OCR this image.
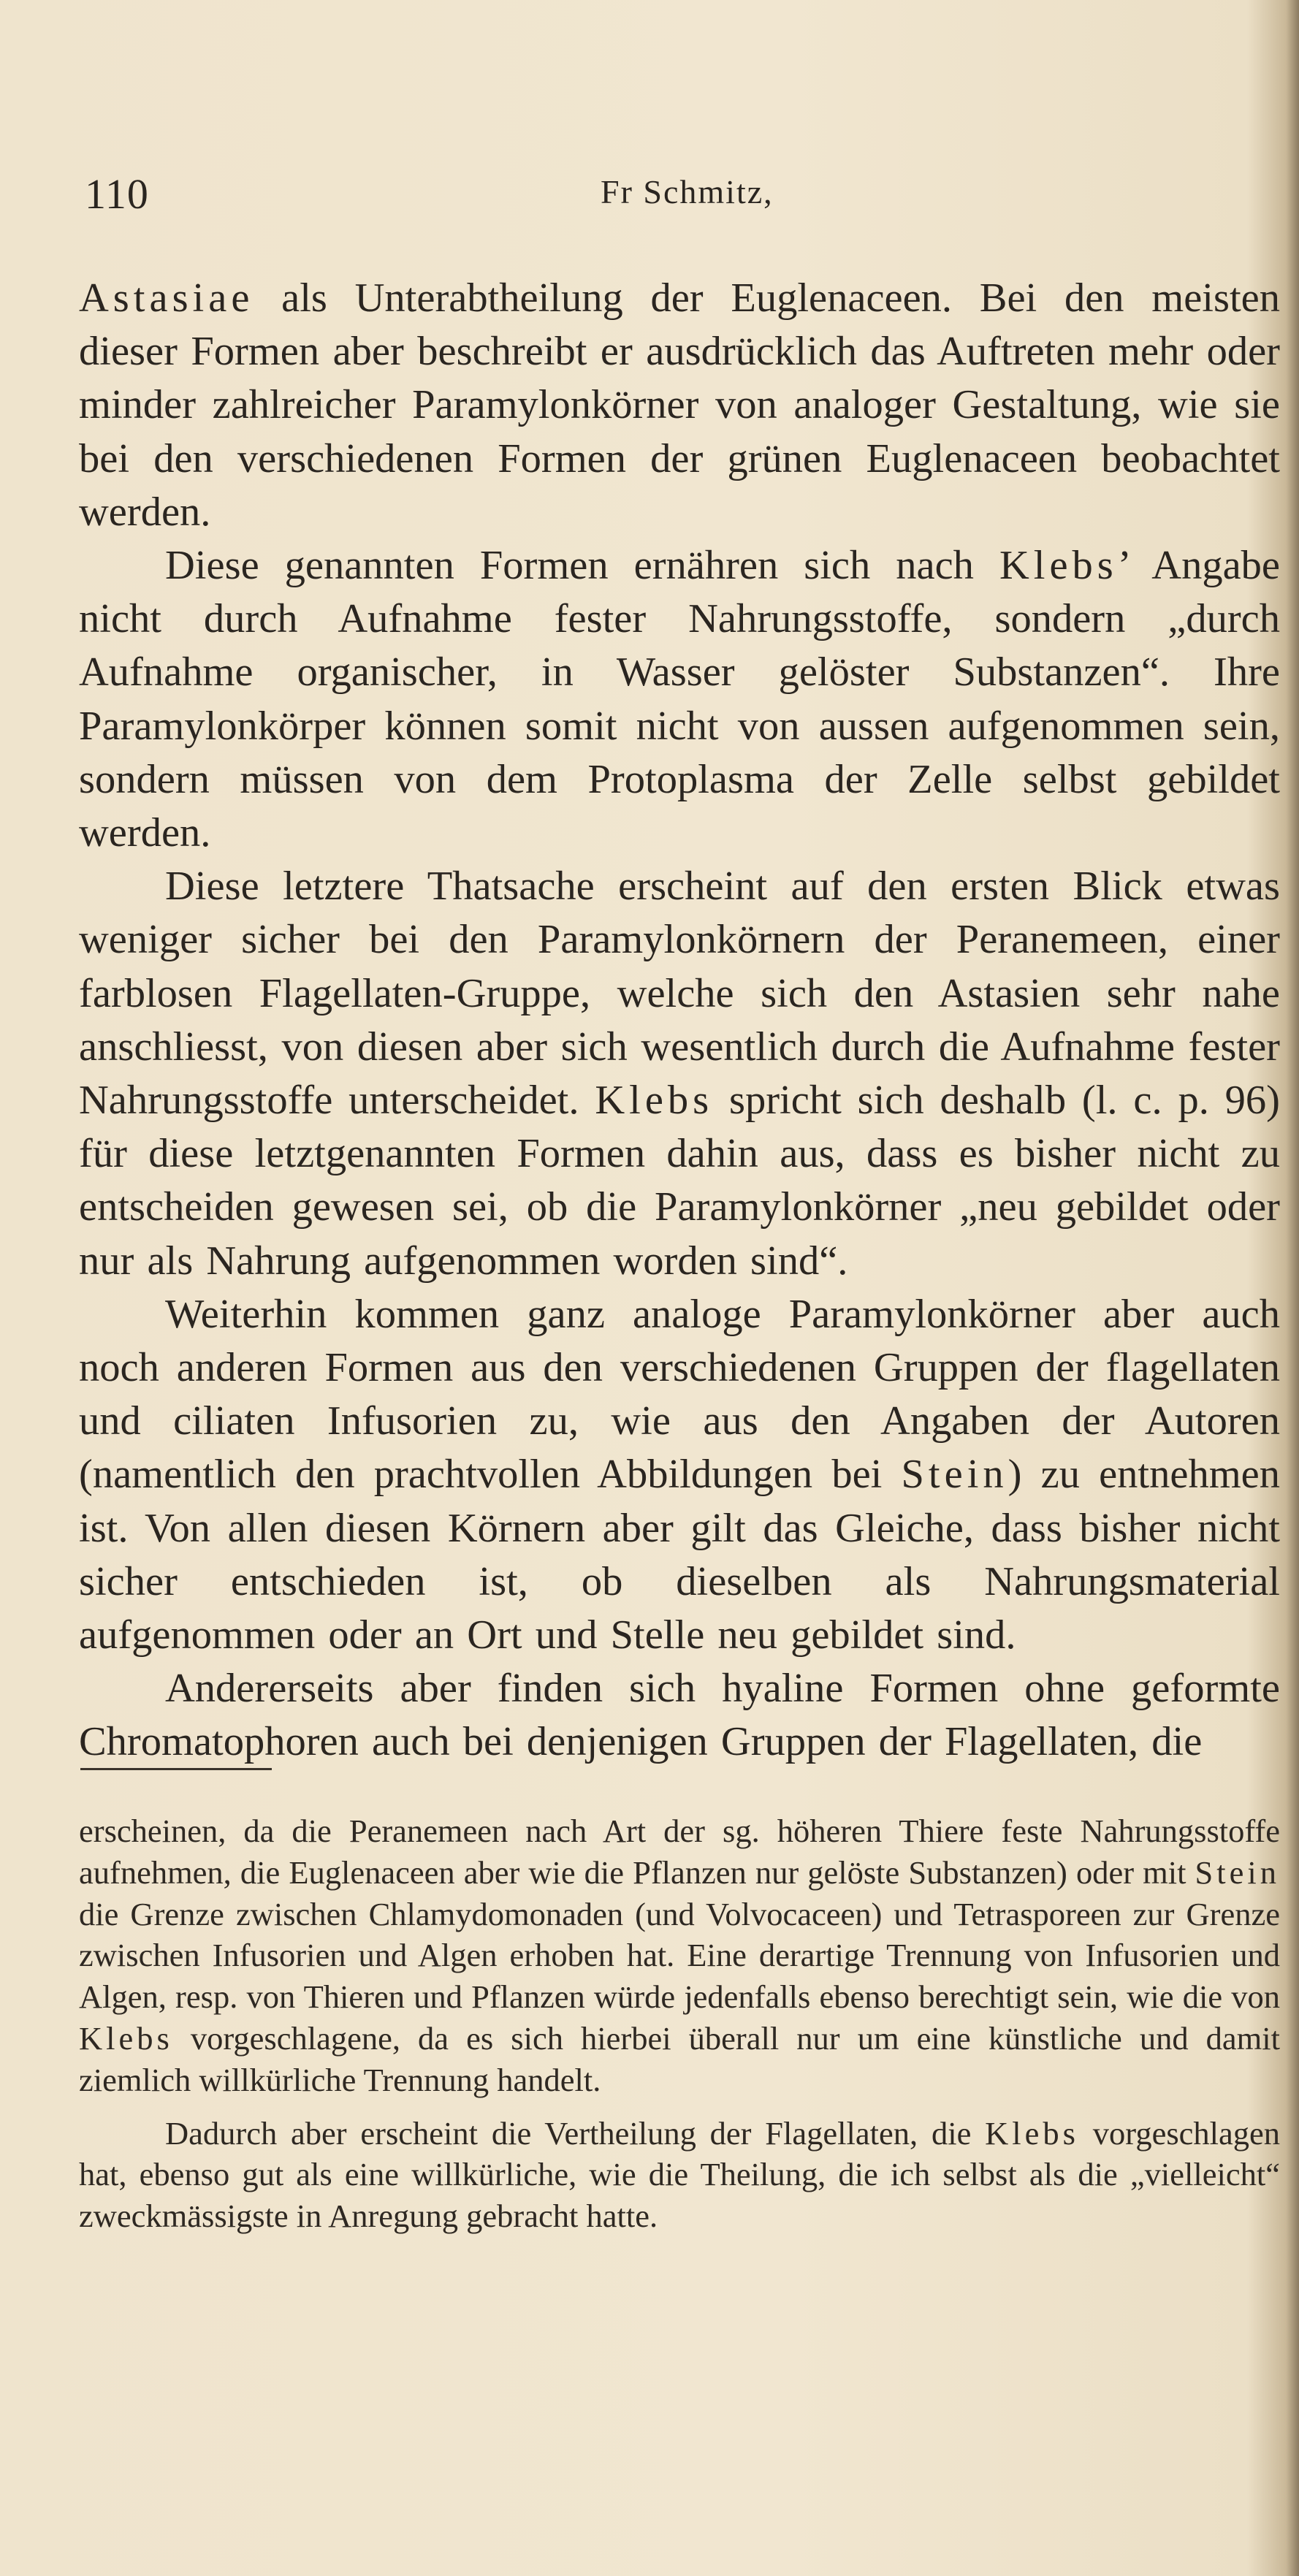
110	Fr Schmitz,

Astasiae als Unterabtheilung der Euglenaceen. Bei den meisten dieser Formen aber beschreibt er ausdrücklich das Auftreten mehr oder minder zahlreicher Paramylonkörner von analoger Gestaltung, wie sie bei den verschiedenen Formen der grünen Euglenaceen beobachtet werden.

Diese genannten Formen ernähren sich nach Klebs’ Angabe nicht durch Aufnahme fester Nahrungsstoffe, sondern „durch Aufnahme organischer, in Wasser gelöster Substanzen“. Ihre Paramylonkörper können somit nicht von aussen aufgenommen sein, sondern müssen von dem Protoplasma der Zelle selbst gebildet werden.

Diese letztere Thatsache erscheint auf den ersten Blick etwas weniger sicher bei den Paramylonkörnern der Peranemeen, einer farblosen Flagellaten-Gruppe, welche sich den Astasien sehr nahe anschliesst, von diesen aber sich wesentlich durch die Aufnahme fester Nahrungsstoffe unterscheidet. Klebs spricht sich deshalb (l. c. p. 96) für diese letztgenannten Formen dahin aus, dass es bisher nicht zu entscheiden gewesen sei, ob die Paramylonkörner „neu gebildet oder nur als Nahrung aufgenommen worden sind“.

Weiterhin kommen ganz analoge Paramylonkörner aber auch noch anderen Formen aus den verschiedenen Gruppen der flagellaten und ciliaten Infusorien zu, wie aus den Angaben der Autoren (namentlich den prachtvollen Abbildungen bei Stein) zu entnehmen ist. Von allen diesen Körnern aber gilt das Gleiche, dass bisher nicht sicher entschieden ist, ob dieselben als Nahrungsmaterial aufgenommen oder an Ort und Stelle neu gebildet sind.

Andererseits aber finden sich hyaline Formen ohne geformte Chromatophoren auch bei denjenigen Gruppen der Flagellaten, die

erscheinen, da die Peranemeen nach Art der sg. höheren Thiere feste Nahrungsstoffe aufnehmen, die Euglenaceen aber wie die Pflanzen nur gelöste Substanzen) oder mit Stein die Grenze zwischen Chlamydomonaden (und Volvocaceen) und Tetrasporeen zur Grenze zwischen Infusorien und Algen erhoben hat. Eine derartige Trennung von Infusorien und Algen, resp. von Thieren und Pflanzen würde jedenfalls ebenso berechtigt sein, wie die von Klebs vorgeschlagene, da es sich hierbei überall nur um eine künstliche und damit ziemlich willkürliche Trennung handelt.

Dadurch aber erscheint die Vertheilung der Flagellaten, die Klebs vorgeschlagen hat, ebenso gut als eine willkürliche, wie die Theilung, die ich selbst als die „vielleicht“ zweckmässigste in Anregung gebracht hatte.
